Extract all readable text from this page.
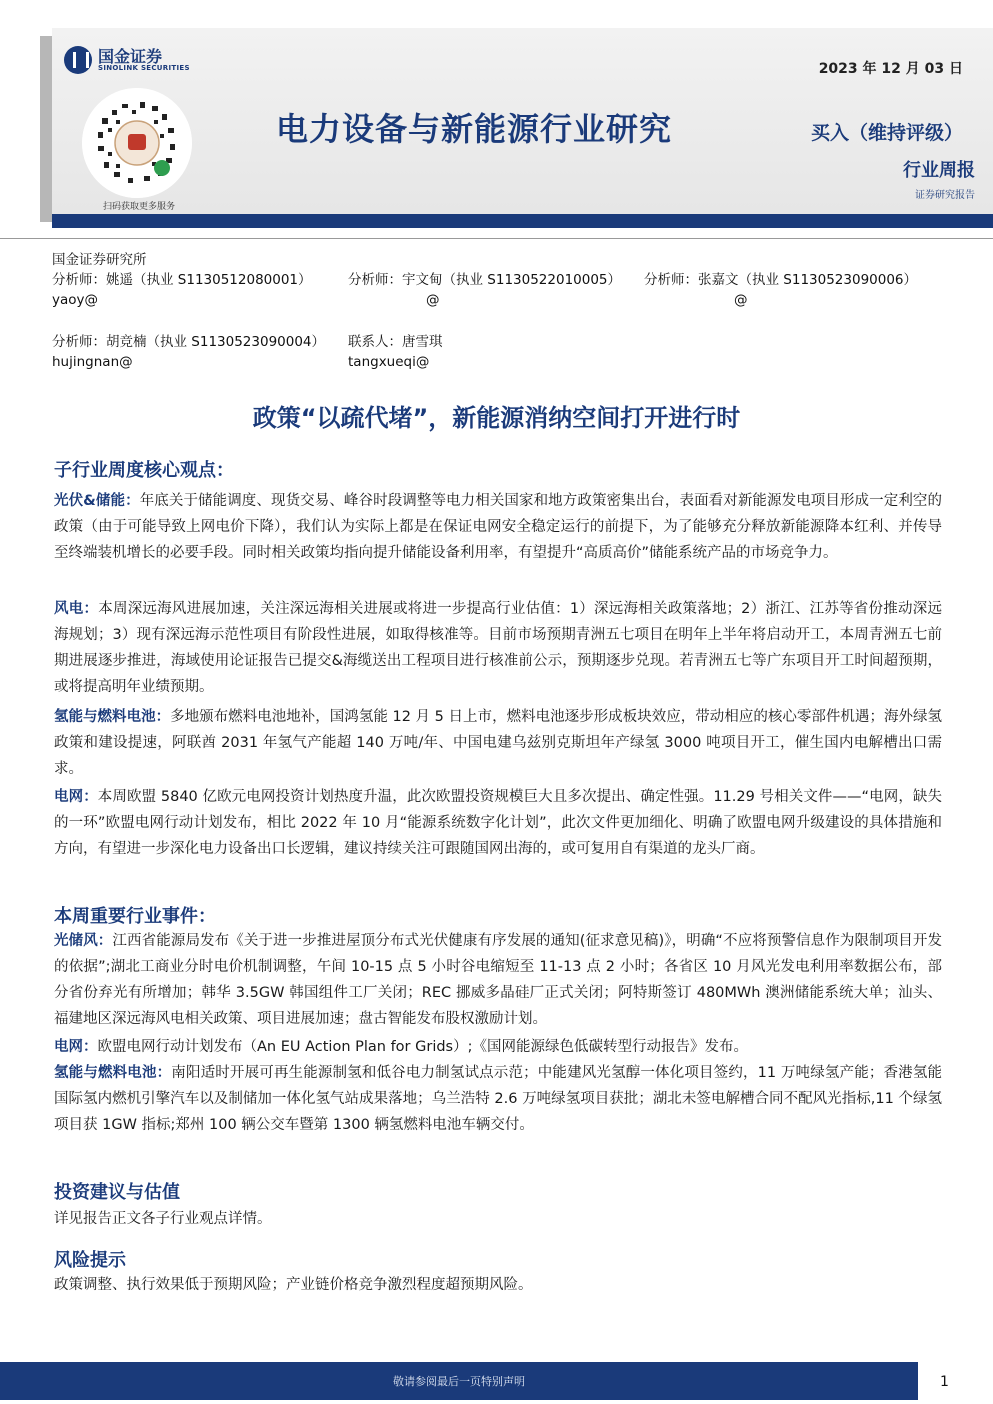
国金证券
SINOLINK SECURITIES
扫码获取更多服务
2023 年 12 月 03 日
电力设备与新能源行业研究	买入（维持评级）
行业周报
证券研究报告
国金证券研究所
分析师：姚遥（执业 S1130512080001）	分析师：宇文甸（执业 S1130522010005） 分析师：张嘉文（执业 S1130523090006）
yaoy@	@	@
分析师：胡竞楠（执业 S1130523090004） 联系人：唐雪琪
hujingnan@	tangxueqi@
政策“以疏代堵”，新能源消纳空间打开进行时
子行业周度核心观点：
光伏&储能：年底关于储能调度、现货交易、峰谷时段调整等电力相关国家和地方政策密集出台，表面看对新能源发电项目形成一定利空的政策（由于可能导致上网电价下降），我们认为实际上都是在保证电网安全稳定运行的前提下，为了能够充分释放新能源降本红利、并传导至终端装机增长的必要手段。同时相关政策均指向提升储能设备利用率，有望提升“高质高价”储能系统产品的市场竞争力。
风电：本周深远海风进展加速，关注深远海相关进展或将进一步提高行业估值：1）深远海相关政策落地；2）浙江、江苏等省份推动深远海规划；3）现有深远海示范性项目有阶段性进展，如取得核准等。目前市场预期青洲五七项目在明年上半年将启动开工，本周青洲五七前期进展逐步推进，海域使用论证报告已提交&海缆送出工程项目进行核准前公示，预期逐步兑现。若青洲五七等广东项目开工时间超预期，或将提高明年业绩预期。
氢能与燃料电池：多地颁布燃料电池地补，国鸿氢能 12 月 5 日上市，燃料电池逐步形成板块效应，带动相应的核心零部件机遇；海外绿氢政策和建设提速，阿联酋 2031 年氢气产能超 140 万吨/年、中国电建乌兹别克斯坦年产绿氢 3000 吨项目开工，催生国内电解槽出口需求。
电网：本周欧盟 5840 亿欧元电网投资计划热度升温，此次欧盟投资规模巨大且多次提出、确定性强。11.29 号相关文件——“电网，缺失的一环”欧盟电网行动计划发布，相比 2022 年 10 月“能源系统数字化计划”，此次文件更加细化、明确了欧盟电网升级建设的具体措施和方向，有望进一步深化电力设备出口长逻辑，建议持续关注可跟随国网出海的，或可复用自有渠道的龙头厂商。
本周重要行业事件：
光储风：江西省能源局发布《关于进一步推进屋顶分布式光伏健康有序发展的通知(征求意见稿)》，明确“不应将预警信息作为限制项目开发的依据”;湖北工商业分时电价机制调整，午间 10-15 点 5 小时谷电缩短至 11-13 点 2 小时；各省区 10 月风光发电利用率数据公布，部分省份弃光有所增加；韩华 3.5GW 韩国组件工厂关闭；REC 挪威多晶硅厂正式关闭；阿特斯签订 480MWh 澳洲储能系统大单；汕头、福建地区深远海风电相关政策、项目进展加速；盘古智能发布股权激励计划。
电网：欧盟电网行动计划发布（An EU Action Plan for Grids）;《国网能源绿色低碳转型行动报告》发布。
氢能与燃料电池：南阳适时开展可再生能源制氢和低谷电力制氢试点示范；中能建风光氢醇一体化项目签约，11 万吨绿氢产能；香港氢能国际氢内燃机引擎汽车以及制储加一体化氢气站成果落地；乌兰浩特 2.6 万吨绿氢项目获批；湖北未签电解槽合同不配风光指标,11 个绿氢项目获 1GW 指标;郑州 100 辆公交车暨第 1300 辆氢燃料电池车辆交付。
投资建议与估值
详见报告正文各子行业观点详情。
风险提示
政策调整、执行效果低于预期风险；产业链价格竞争激烈程度超预期风险。
敬请参阅最后一页特别声明	1
